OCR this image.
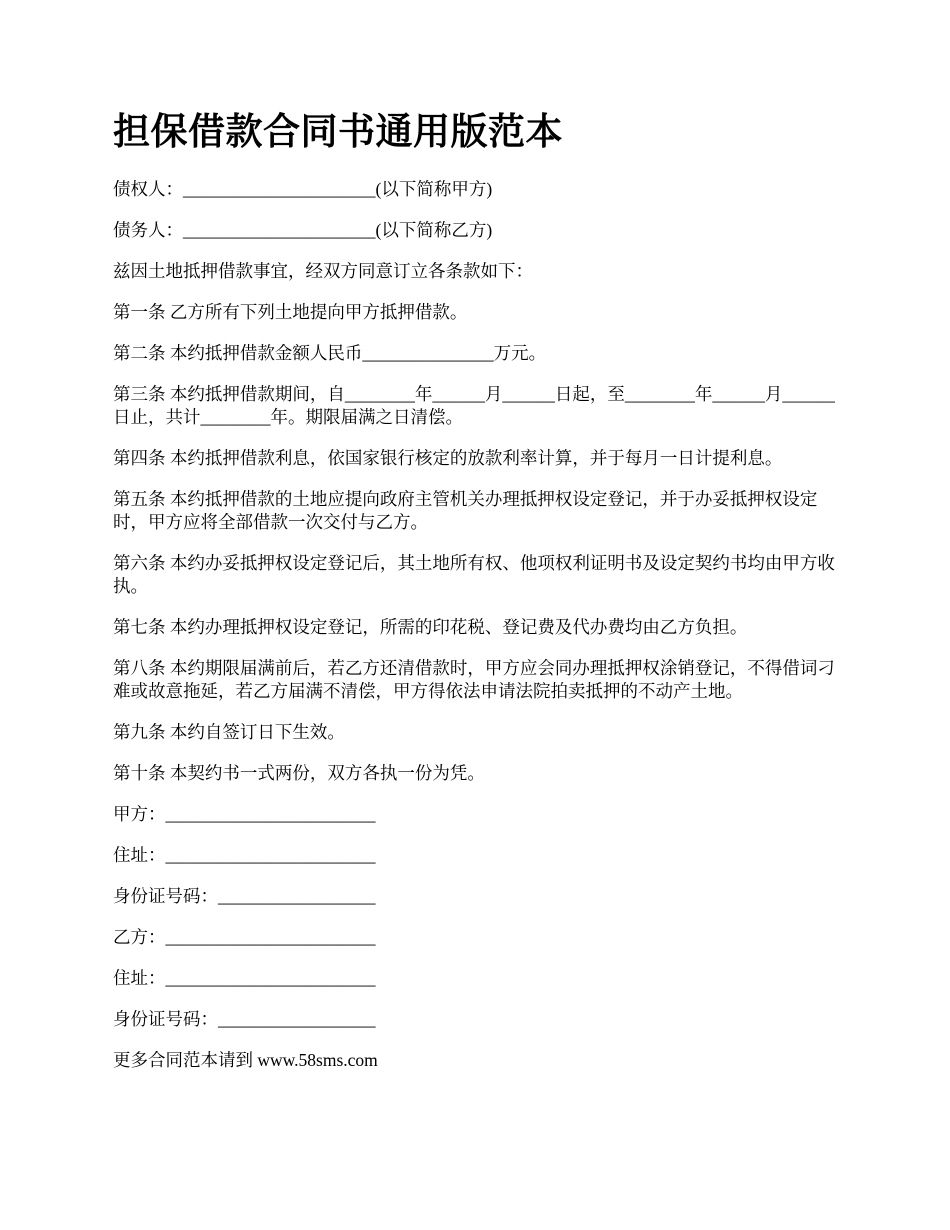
担保借款合同书通用版范本

债权人：______________________(以下简称甲方)

债务人：______________________(以下简称乙方)

兹因土地抵押借款事宜，经双方同意订立各条款如下：

第一条 乙方所有下列土地提向甲方抵押借款。

第二条 本约抵押借款金额人民币_______________万元。

第三条 本约抵押借款期间，自________年______月______日起，至________年______月______日止，共计________年。期限届满之日清偿。

第四条 本约抵押借款利息，依国家银行核定的放款利率计算，并于每月一日计提利息。

第五条 本约抵押借款的土地应提向政府主管机关办理抵押权设定登记，并于办妥抵押权设定时，甲方应将全部借款一次交付与乙方。

第六条 本约办妥抵押权设定登记后，其土地所有权、他项权利证明书及设定契约书均由甲方收执。

第七条 本约办理抵押权设定登记，所需的印花税、登记费及代办费均由乙方负担。

第八条 本约期限届满前后，若乙方还清借款时，甲方应会同办理抵押权涂销登记，不得借词刁难或故意拖延，若乙方届满不清偿，甲方得依法申请法院拍卖抵押的不动产土地。

第九条 本约自签订日下生效。

第十条 本契约书一式两份，双方各执一份为凭。

甲方：________________________

住址：________________________

身份证号码：__________________

乙方：________________________

住址：________________________

身份证号码：__________________

更多合同范本请到 www.58sms.com
